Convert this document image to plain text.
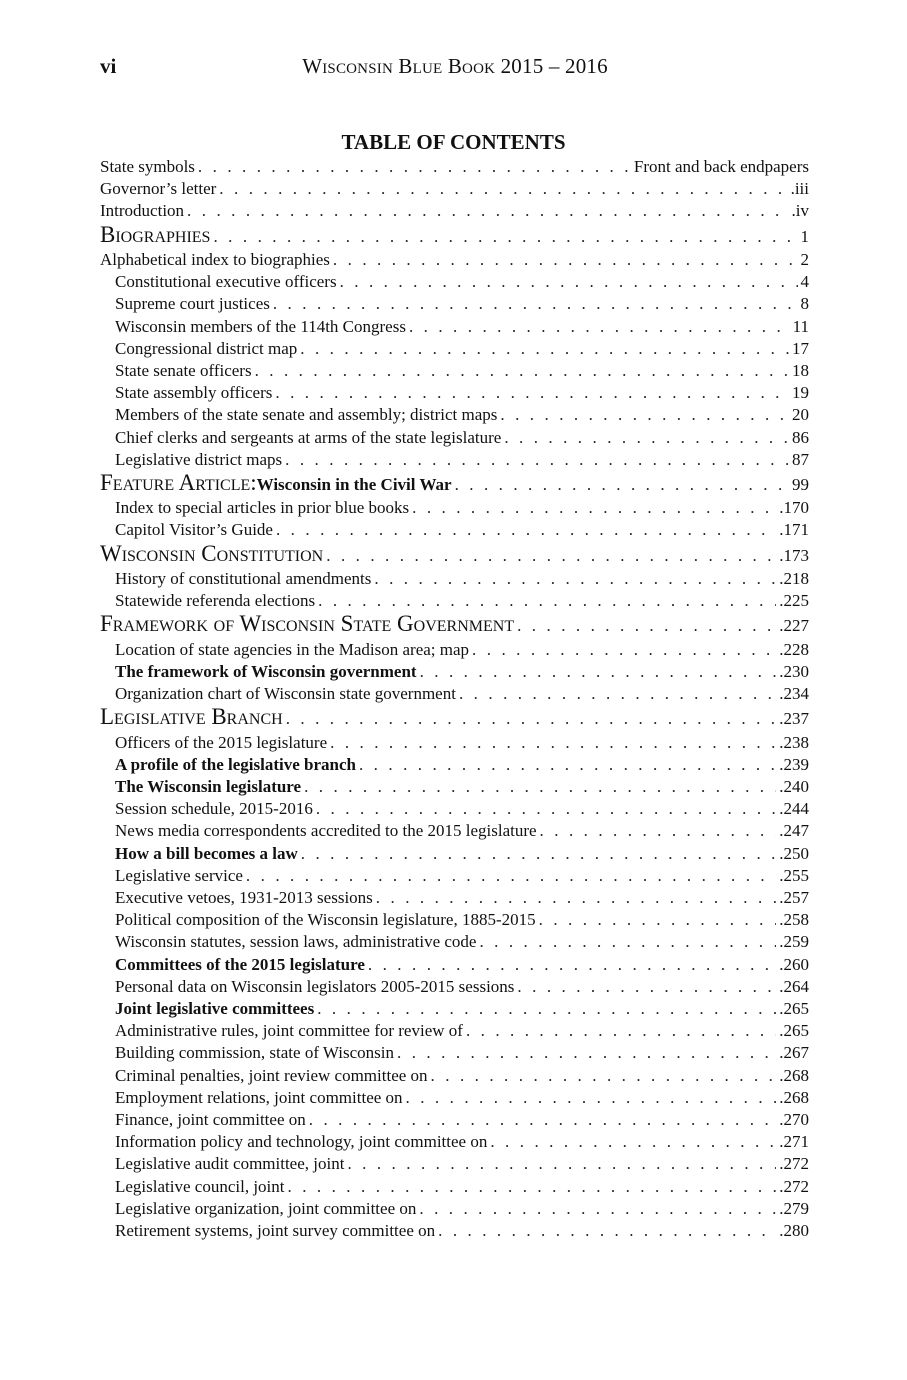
vi	Wisconsin Blue Book 2015 – 2016
TABLE OF CONTENTS
State symbols . . .	Front and back endpapers
Governor’s letter . . .	.iii
Introduction . . .	.iv
Biographies . . .	1
Alphabetical index to biographies . . .	2
Constitutional executive officers . . .	4
Supreme court justices . . .	8
Wisconsin members of the 114th Congress . . .	11
Congressional district map . . .	17
State senate officers . . .	18
State assembly officers . . .	19
Members of the state senate and assembly; district maps . . .	20
Chief clerks and sergeants at arms of the state legislature . . .	86
Legislative district maps . . .	87
Feature Article: Wisconsin in the Civil War . . .	99
Index to special articles in prior blue books . . .	.170
Capitol Visitor’s Guide . . .	.171
Wisconsin Constitution . . .	.173
History of constitutional amendments . . .	.218
Statewide referenda elections . . .	.225
Framework of Wisconsin State Government . . .	.227
Location of state agencies in the Madison area; map . . .	.228
The framework of Wisconsin government . . .	.230
Organization chart of Wisconsin state government . . .	.234
Legislative Branch . . .	.237
Officers of the 2015 legislature . . .	.238
A profile of the legislative branch . . .	.239
The Wisconsin legislature . . .	.240
Session schedule, 2015-2016 . . .	.244
News media correspondents accredited to the 2015 legislature . . .	.247
How a bill becomes a law . . .	.250
Legislative service . . .	.255
Executive vetoes, 1931-2013 sessions . . .	.257
Political composition of the Wisconsin legislature, 1885-2015 . . .	.258
Wisconsin statutes, session laws, administrative code . . .	.259
Committees of the 2015 legislature . . .	.260
Personal data on Wisconsin legislators 2005-2015 sessions . . .	.264
Joint legislative committees . . .	.265
Administrative rules, joint committee for review of . . .	.265
Building commission, state of Wisconsin . . .	.267
Criminal penalties, joint review committee on . . .	.268
Employment relations, joint committee on . . .	.268
Finance, joint committee on . . .	.270
Information policy and technology, joint committee on . . .	.271
Legislative audit committee, joint . . .	.272
Legislative council, joint . . .	.272
Legislative organization, joint committee on . . .	.279
Retirement systems, joint survey committee on . . .	.280
